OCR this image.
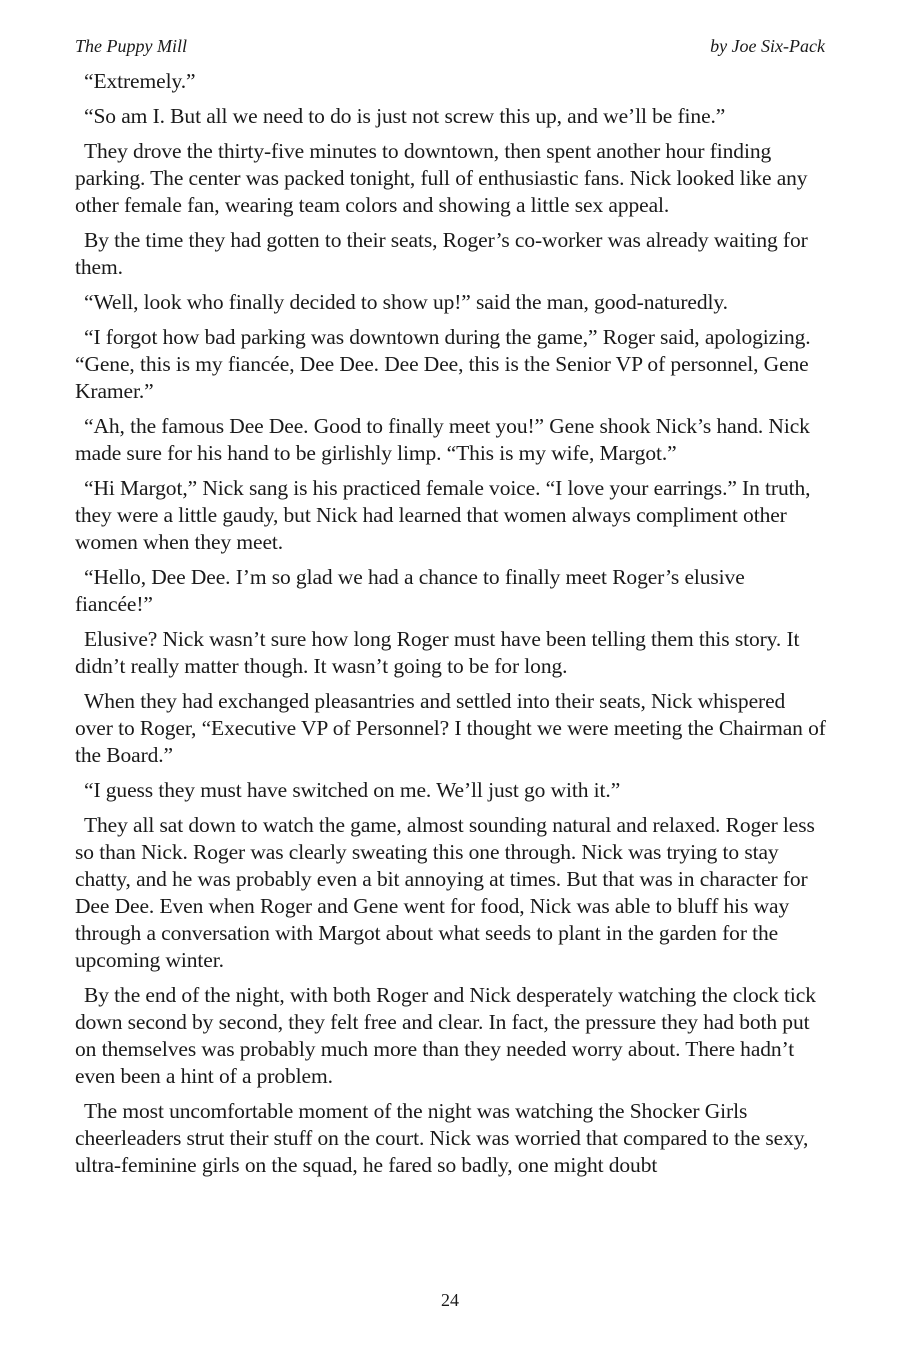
The Puppy Mill	by Joe Six-Pack

“Extremely.”

“So am I. But all we need to do is just not screw this up, and we’ll be fine.”

They drove the thirty-five minutes to downtown, then spent another hour finding parking. The center was packed tonight, full of enthusiastic fans. Nick looked like any other female fan, wearing team colors and showing a little sex appeal.

By the time they had gotten to their seats, Roger’s co-worker was already waiting for them.

“Well, look who finally decided to show up!” said the man, good-naturedly.

“I forgot how bad parking was downtown during the game,” Roger said, apologizing. “Gene, this is my fiancée, Dee Dee. Dee Dee, this is the Senior VP of personnel, Gene Kramer.”

“Ah, the famous Dee Dee. Good to finally meet you!” Gene shook Nick’s hand. Nick made sure for his hand to be girlishly limp. “This is my wife, Margot.”

“Hi Margot,” Nick sang is his practiced female voice. “I love your earrings.” In truth, they were a little gaudy, but Nick had learned that women always compliment other women when they meet.

“Hello, Dee Dee. I’m so glad we had a chance to finally meet Roger’s elusive fiancée!”

Elusive? Nick wasn’t sure how long Roger must have been telling them this story. It didn’t really matter though. It wasn’t going to be for long.

When they had exchanged pleasantries and settled into their seats, Nick whispered over to Roger, “Executive VP of Personnel? I thought we were meeting the Chairman of the Board.”

“I guess they must have switched on me. We’ll just go with it.”

They all sat down to watch the game, almost sounding natural and relaxed. Roger less so than Nick. Roger was clearly sweating this one through. Nick was trying to stay chatty, and he was probably even a bit annoying at times. But that was in character for Dee Dee. Even when Roger and Gene went for food, Nick was able to bluff his way through a conversation with Margot about what seeds to plant in the garden for the upcoming winter.

By the end of the night, with both Roger and Nick desperately watching the clock tick down second by second, they felt free and clear. In fact, the pressure they had both put on themselves was probably much more than they needed worry about. There hadn’t even been a hint of a problem.

The most uncomfortable moment of the night was watching the Shocker Girls cheerleaders strut their stuff on the court. Nick was worried that compared to the sexy, ultra-feminine girls on the squad, he fared so badly, one might doubt

24
